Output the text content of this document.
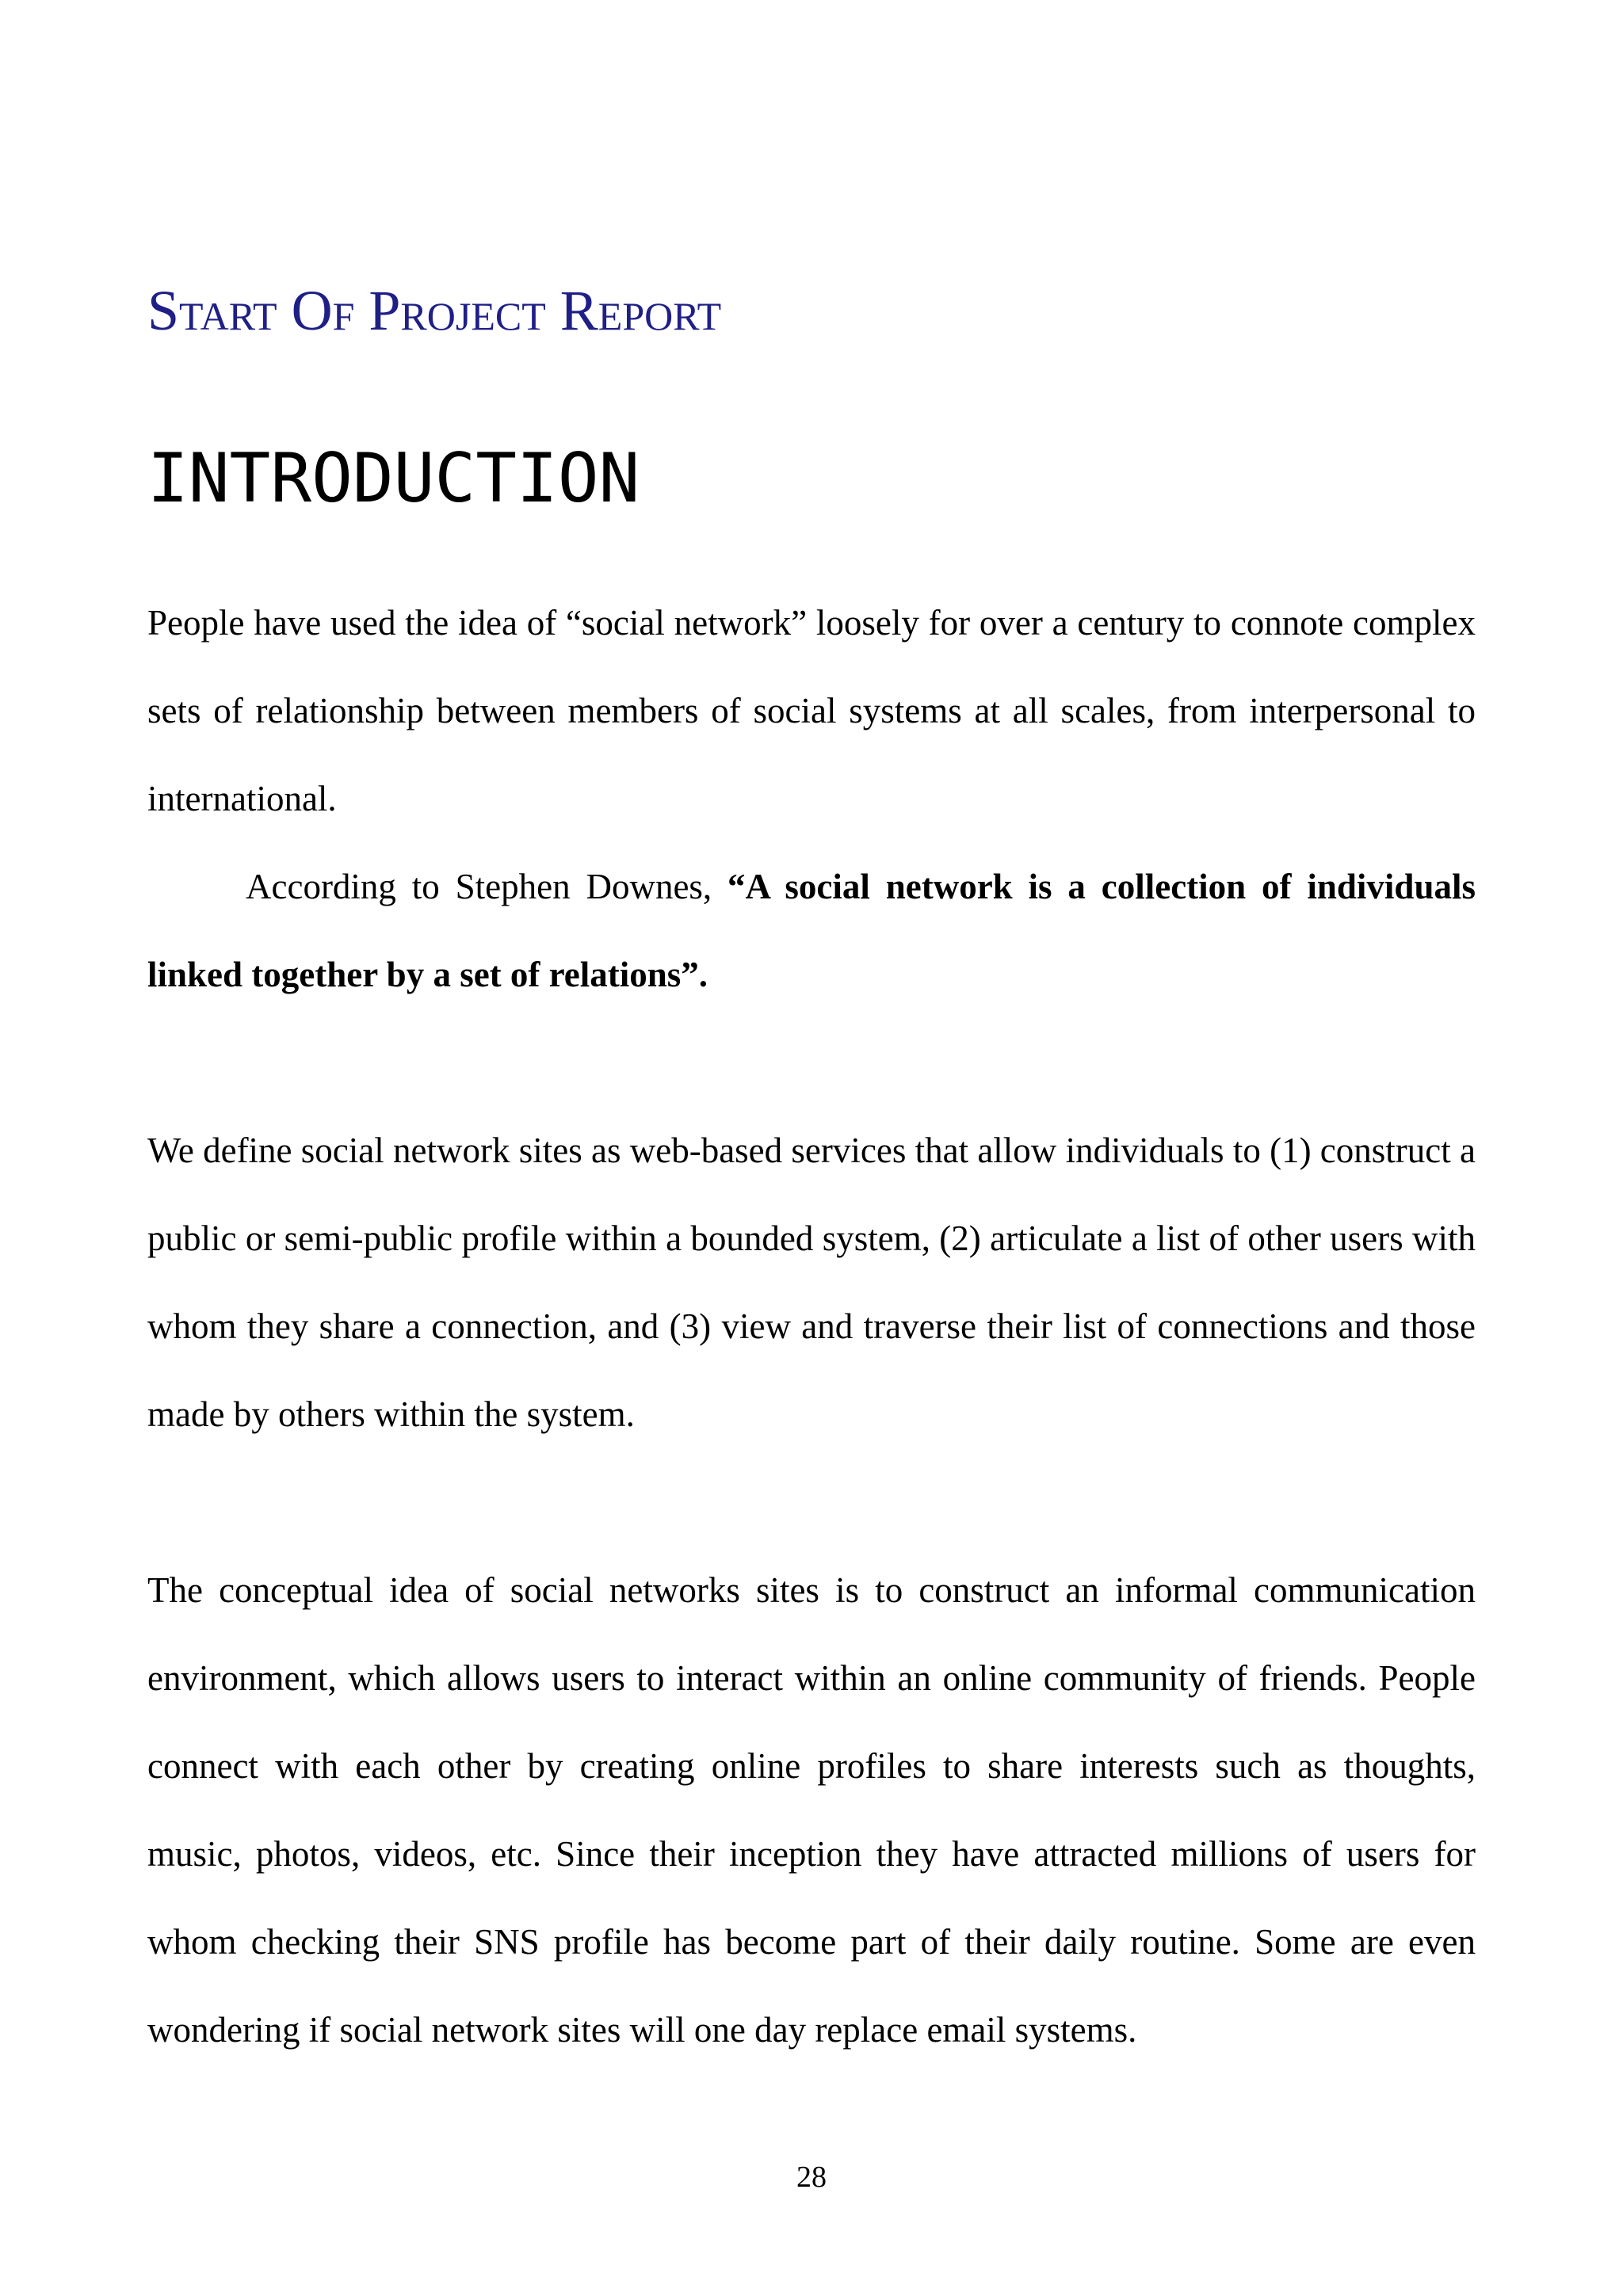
Start Of Project Report
INTRODUCTION

People have used the idea of “social network” loosely for over a century to connote complex sets of relationship between members of social systems at all scales, from interpersonal to international.

According to Stephen Downes, “A social network is a collection of individuals linked together by a set of relations”.

We define social network sites as web-based services that allow individuals to (1) construct a public or semi-public profile within a bounded system, (2) articulate a list of other users with whom they share a connection, and (3) view and traverse their list of connections and those made by others within the system.

The conceptual idea of social networks sites is to construct an informal communication environment, which allows users to interact within an online community of friends. People connect with each other by creating online profiles to share interests such as thoughts, music, photos, videos, etc. Since their inception they have attracted millions of users for whom checking their SNS profile has become part of their daily routine. Some are even wondering if social network sites will one day replace email systems.

28
